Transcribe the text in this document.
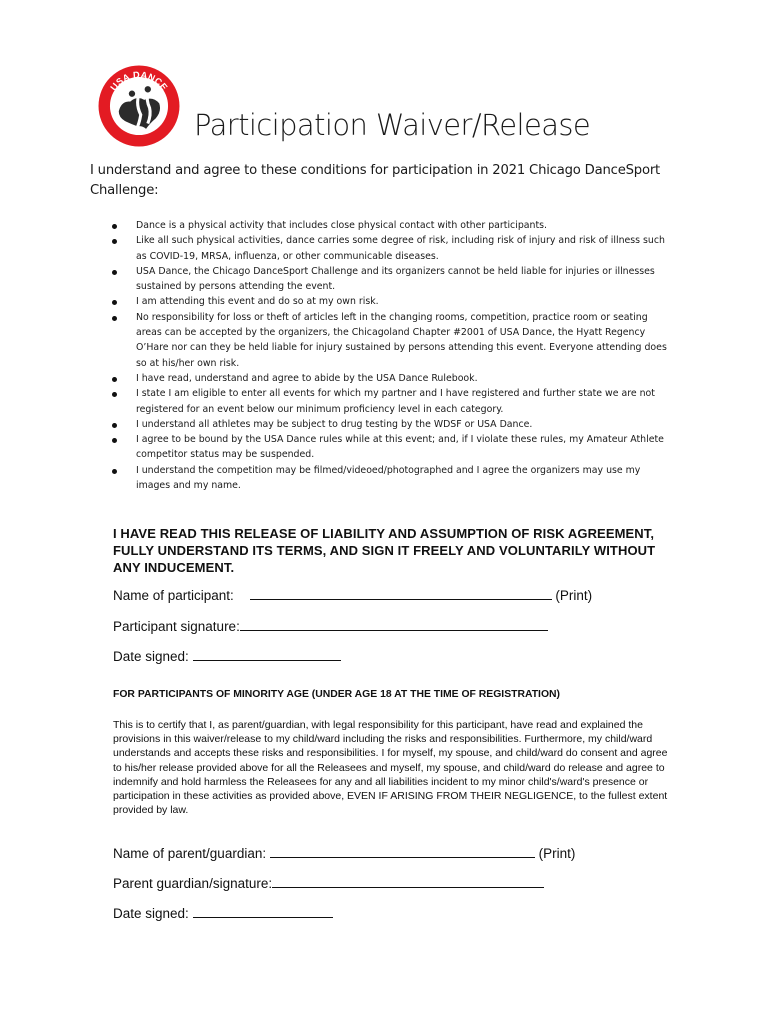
USA DANCE
Participation Waiver/Release
I understand and agree to these conditions for participation in 2021 Chicago DanceSport Challenge:
Dance is a physical activity that includes close physical contact with other participants.
Like all such physical activities, dance carries some degree of risk, including risk of injury and risk of illness such as COVID-19, MRSA, influenza, or other communicable diseases.
USA Dance, the Chicago DanceSport Challenge and its organizers cannot be held liable for injuries or illnesses sustained by persons attending the event.
I am attending this event and do so at my own risk.
No responsibility for loss or theft of articles left in the changing rooms, competition, practice room or seating areas can be accepted by the organizers, the Chicagoland Chapter #2001 of USA Dance, the Hyatt Regency O’Hare nor can they be held liable for injury sustained by persons attending this event. Everyone attending does so at his/her own risk.
I have read, understand and agree to abide by the USA Dance Rulebook.
I state I am eligible to enter all events for which my partner and I have registered and further state we are not registered for an event below our minimum proficiency level in each category.
I understand all athletes may be subject to drug testing by the WDSF or USA Dance.
I agree to be bound by the USA Dance rules while at this event; and, if I violate these rules, my Amateur Athlete competitor status may be suspended.
I understand the competition may be filmed/videoed/photographed and I agree the organizers may use my images and my name.
I HAVE READ THIS RELEASE OF LIABILITY AND ASSUMPTION OF RISK AGREEMENT, FULLY UNDERSTAND ITS TERMS, AND SIGN IT FREELY AND VOLUNTARILY WITHOUT ANY INDUCEMENT.
Name of participant:	(Print)
Participant signature:
Date signed:
FOR PARTICIPANTS OF MINORITY AGE (UNDER AGE 18 AT THE TIME OF REGISTRATION)
This is to certify that I, as parent/guardian, with legal responsibility for this participant, have read and explained the provisions in this waiver/release to my child/ward including the risks and responsibilities. Furthermore, my child/ward understands and accepts these risks and responsibilities. I for myself, my spouse, and child/ward do consent and agree to his/her release provided above for all the Releasees and myself, my spouse, and child/ward do release and agree to indemnify and hold harmless the Releasees for any and all liabilities incident to my minor child's/ward's presence or participation in these activities as provided above, EVEN IF ARISING FROM THEIR NEGLIGENCE, to the fullest extent provided by law.
Name of parent/guardian:	(Print)
Parent guardian/signature:
Date signed:
